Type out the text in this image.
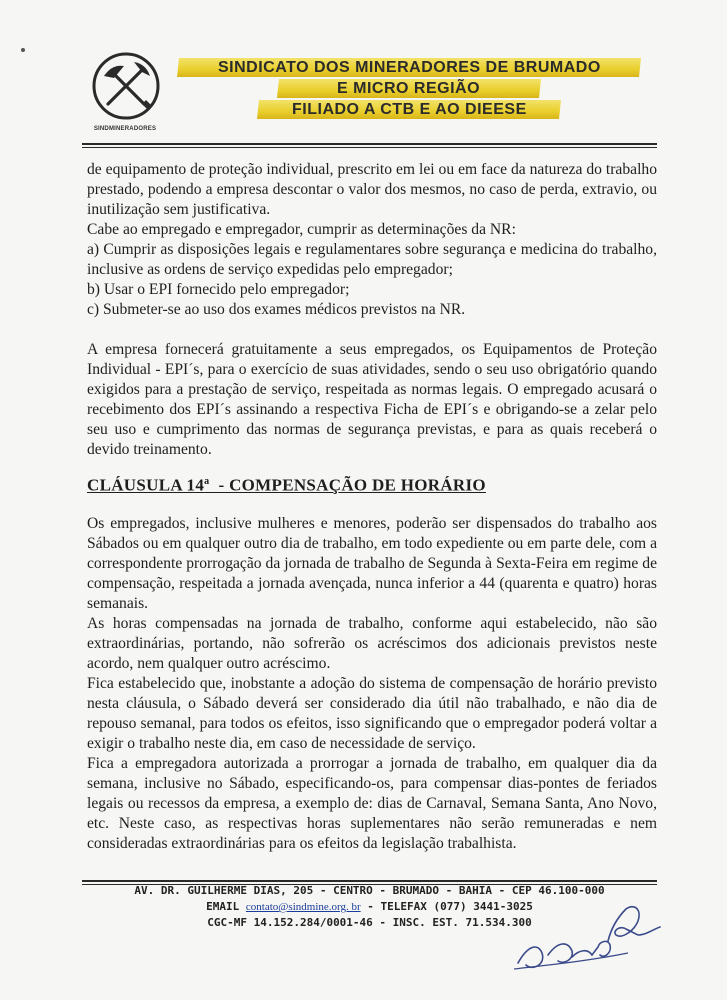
SINDMINERADORES
SINDICATO DOS MINERADORES DE BRUMADO
E MICRO REGIÃO
FILIADO A CTB E AO DIEESE

de equipamento de proteção individual, prescrito em lei ou em face da natureza do trabalho prestado, podendo a empresa descontar o valor dos mesmos, no caso de perda, extravio, ou inutilização sem justificativa.

Cabe ao empregado e empregador, cumprir as determinações da NR:

a) Cumprir as disposições legais e regulamentares sobre segurança e medicina do trabalho, inclusive as ordens de serviço expedidas pelo empregador;

b) Usar o EPI fornecido pelo empregador;

c) Submeter-se ao uso dos exames médicos previstos na NR.

A empresa fornecerá gratuitamente a seus empregados, os Equipamentos de Proteção Individual - EPI´s, para o exercício de suas atividades, sendo o seu uso obrigatório quando exigidos para a prestação de serviço, respeitada as normas legais. O empregado acusará o recebimento dos EPI´s assinando a respectiva Ficha de EPI´s e obrigando-se a zelar pelo seu uso e cumprimento das normas de segurança previstas, e para as quais receberá o devido treinamento.

CLÁUSULA 14$^a$  - COMPENSAÇÃO DE HORÁRIO

Os empregados, inclusive mulheres e menores, poderão ser dispensados do trabalho aos Sábados ou em qualquer outro dia de trabalho, em todo expediente ou em parte dele, com a correspondente prorrogação da jornada de trabalho de Segunda à Sexta-Feira em regime de compensação, respeitada a jornada avençada, nunca inferior a 44 (quarenta e quatro) horas semanais.

As horas compensadas na jornada de trabalho, conforme aqui estabelecido, não são extraordinárias, portando, não sofrerão os acréscimos dos adicionais previstos neste acordo, nem qualquer outro acréscimo.

Fica estabelecido que, inobstante a adoção do sistema de compensação de horário previsto nesta cláusula, o Sábado deverá ser considerado dia útil não trabalhado, e não dia de repouso semanal, para todos os efeitos, isso significando que o empregador poderá voltar a exigir o trabalho neste dia, em caso de necessidade de serviço.

Fica a empregadora autorizada a prorrogar a jornada de trabalho, em qualquer dia da semana, inclusive no Sábado, especificando-os, para compensar dias-pontes de feriados legais ou recessos da empresa, a exemplo de: dias de Carnaval, Semana Santa, Ano Novo, etc. Neste caso, as respectivas horas suplementares não serão remuneradas e nem consideradas extraordinárias para os efeitos da legislação trabalhista.

AV. DR. GUILHERME DIAS, 205 - CENTRO - BRUMADO - BAHIA - CEP 46.100-000
EMAIL contato@sindmine.org. br - TELEFAX (077) 3441-3025
CGC-MF 14.152.284/0001-46 - INSC. EST. 71.534.300
